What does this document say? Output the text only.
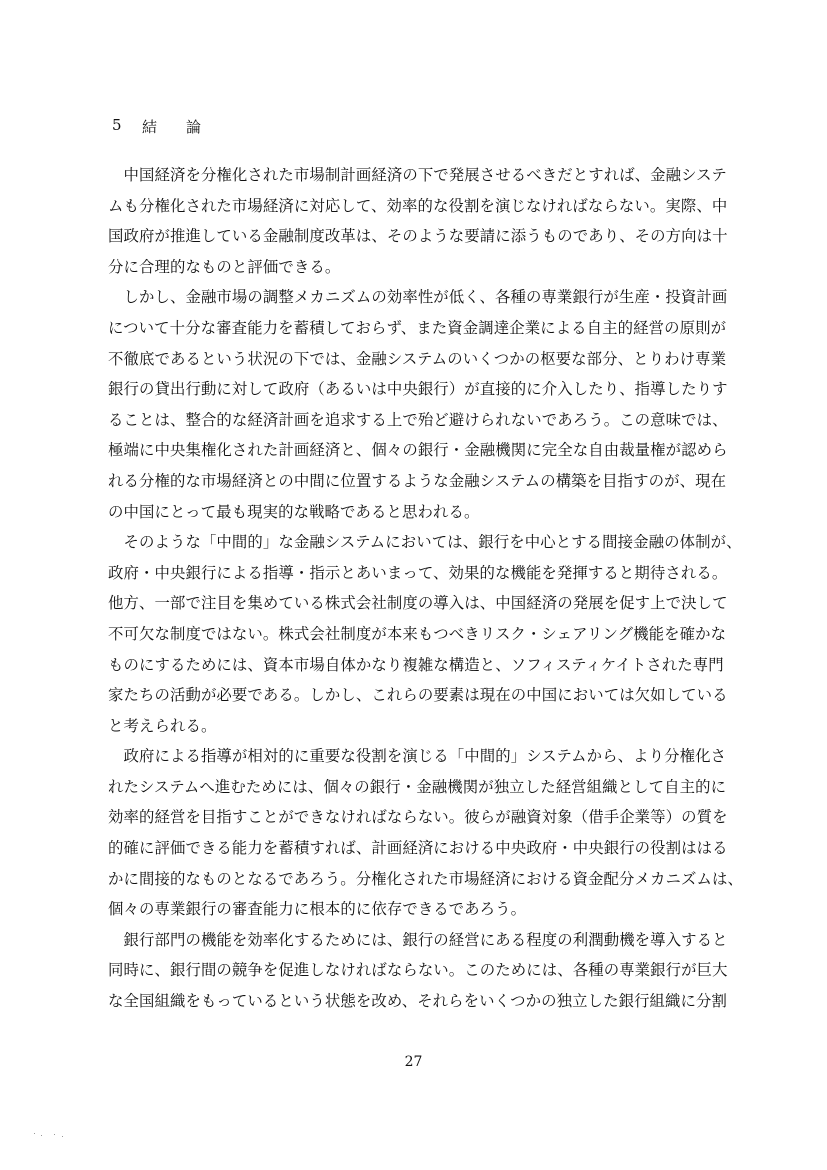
5	結	論
　中国経済を分権化された市場制計画経済の下で発展させるべきだとすれば、金融システ
ムも分権化された市場経済に対応して、効率的な役割を演じなければならない。実際、中
国政府が推進している金融制度改革は、そのような要請に添うものであり、その方向は十
分に合理的なものと評価できる。
　しかし、金融市場の調整メカニズムの効率性が低く、各種の専業銀行が生産・投資計画
について十分な審査能力を蓄積しておらず、また資金調達企業による自主的経営の原則が
不徹底であるという状況の下では、金融システムのいくつかの枢要な部分、とりわけ専業
銀行の貸出行動に対して政府（あるいは中央銀行）が直接的に介入したり、指導したりす
ることは、整合的な経済計画を追求する上で殆ど避けられないであろう。この意味では、
極端に中央集権化された計画経済と、個々の銀行・金融機関に完全な自由裁量権が認めら
れる分権的な市場経済との中間に位置するような金融システムの構築を目指すのが、現在
の中国にとって最も現実的な戦略であると思われる。
　そのような「中間的」な金融システムにおいては、銀行を中心とする間接金融の体制が、
政府・中央銀行による指導・指示とあいまって、効果的な機能を発揮すると期待される。
他方、一部で注目を集めている株式会社制度の導入は、中国経済の発展を促す上で決して
不可欠な制度ではない。株式会社制度が本来もつべきリスク・シェアリング機能を確かな
ものにするためには、資本市場自体かなり複雑な構造と、ソフィスティケイトされた専門
家たちの活動が必要である。しかし、これらの要素は現在の中国においては欠如している
と考えられる。
　政府による指導が相対的に重要な役割を演じる「中間的」システムから、より分権化さ
れたシステムへ進むためには、個々の銀行・金融機関が独立した経営組織として自主的に
効率的経営を目指すことができなければならない。彼らが融資対象（借手企業等）の質を
的確に評価できる能力を蓄積すれば、計画経済における中央政府・中央銀行の役割ははる
かに間接的なものとなるであろう。分権化された市場経済における資金配分メカニズムは、
個々の専業銀行の審査能力に根本的に依存できるであろう。
　銀行部門の機能を効率化するためには、銀行の経営にある程度の利潤動機を導入すると
同時に、銀行間の競争を促進しなければならない。このためには、各種の専業銀行が巨大
な全国組織をもっているという状態を改め、それらをいくつかの独立した銀行組織に分割
27
